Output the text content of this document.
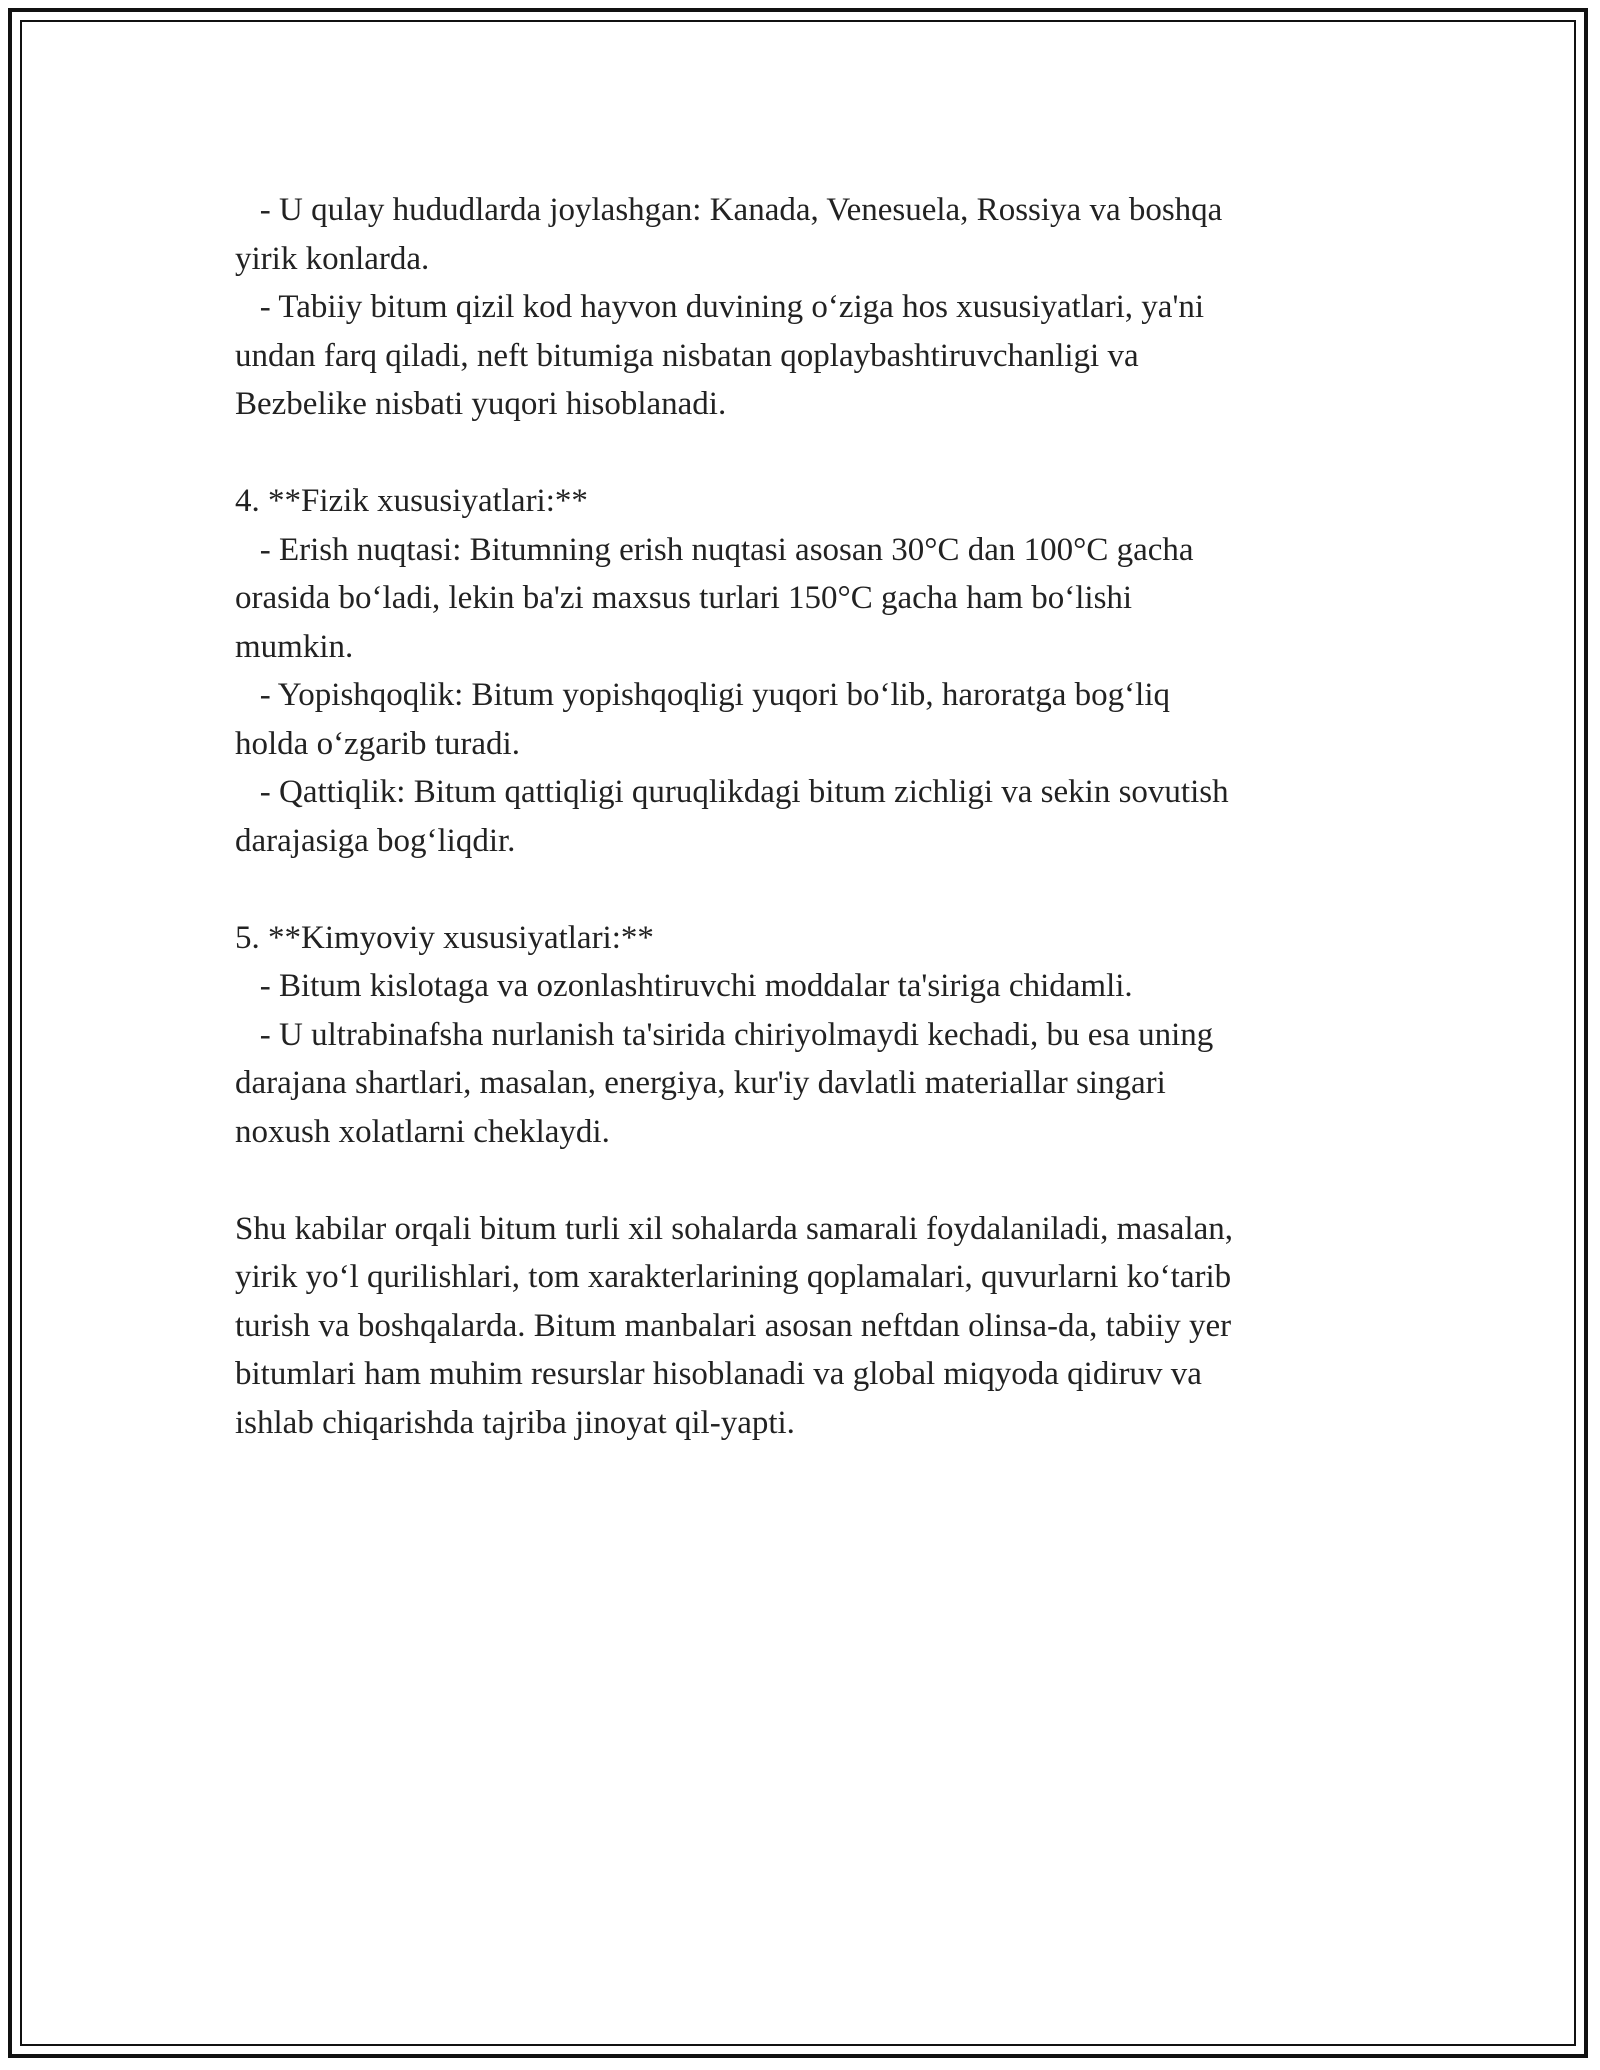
- U qulay hududlarda joylashgan: Kanada, Venesuela, Rossiya va boshqa
yirik konlarda.
- Tabiiy bitum qizil kod hayvon duvining o‘ziga hos xususiyatlari, ya'ni
undan farq qiladi, neft bitumiga nisbatan qoplaybashtiruvchanligi va
Bezbelike nisbati yuqori hisoblanadi.
4. **Fizik xususiyatlari:**
- Erish nuqtasi: Bitumning erish nuqtasi asosan 30°C dan 100°C gacha
orasida bo‘ladi, lekin ba'zi maxsus turlari 150°C gacha ham bo‘lishi
mumkin.
- Yopishqoqlik: Bitum yopishqoqligi yuqori bo‘lib, haroratga bog‘liq
holda o‘zgarib turadi.
- Qattiqlik: Bitum qattiqligi quruqlikdagi bitum zichligi va sekin sovutish
darajasiga bog‘liqdir.
5. **Kimyoviy xususiyatlari:**
- Bitum kislotaga va ozonlashtiruvchi moddalar ta'siriga chidamli.
- U ultrabinafsha nurlanish ta'sirida chiriyolmaydi kechadi, bu esa uning
darajana shartlari, masalan, energiya, kur'iy davlatli materiallar singari
noxush xolatlarni cheklaydi.
Shu kabilar orqali bitum turli xil sohalarda samarali foydalaniladi, masalan,
yirik yo‘l qurilishlari, tom xarakterlarining qoplamalari, quvurlarni ko‘tarib
turish va boshqalarda. Bitum manbalari asosan neftdan olinsa-da, tabiiy yer
bitumlari ham muhim resurslar hisoblanadi va global miqyoda qidiruv va
ishlab chiqarishda tajriba jinoyat qil-yapti.
